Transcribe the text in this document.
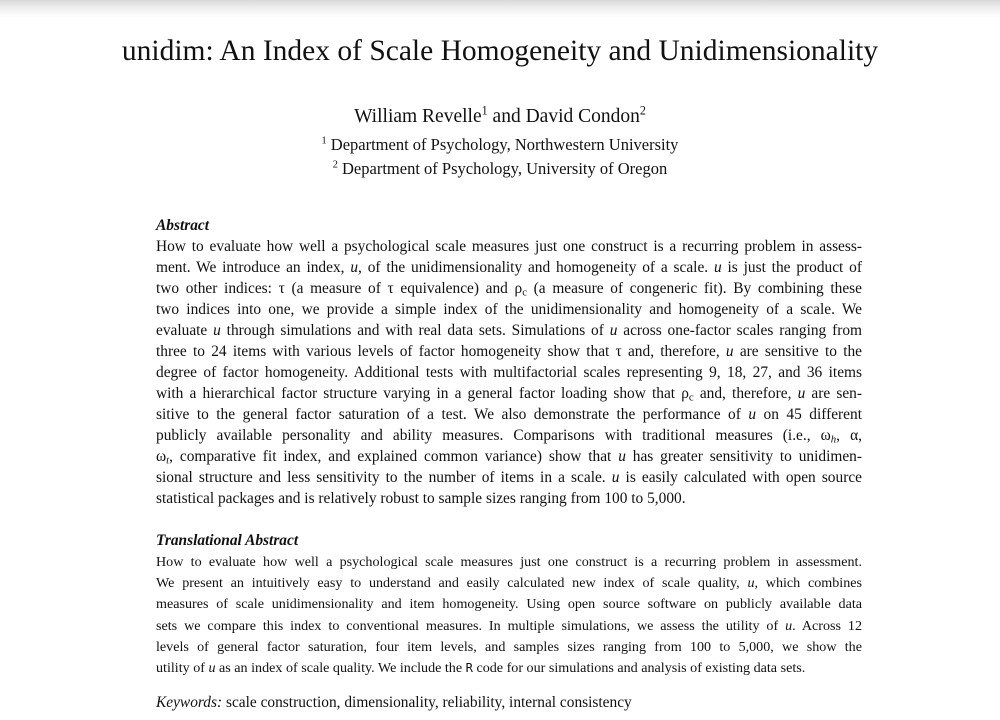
unidim: An Index of Scale Homogeneity and Unidimensionality
William Revelle$^1$ and David Condon$^2$
$^1$ Department of Psychology, Northwestern University
$^2$ Department of Psychology, University of Oregon
Abstract
How to evaluate how well a psychological scale measures just one construct is a recurring problem in assess-
ment. We introduce an index, u, of the unidimensionality and homogeneity of a scale. u is just the product of
two other indices: τ (a measure of τ equivalence) and $\rho_c$ (a measure of congeneric fit). By combining these
two indices into one, we provide a simple index of the unidimensionality and homogeneity of a scale. We
evaluate u through simulations and with real data sets. Simulations of u across one-factor scales ranging from
three to 24 items with various levels of factor homogeneity show that τ and, therefore, u are sensitive to the
degree of factor homogeneity. Additional tests with multifactorial scales representing 9, 18, 27, and 36 items
with a hierarchical factor structure varying in a general factor loading show that $\rho_c$ and, therefore, u are sen-
sitive to the general factor saturation of a test. We also demonstrate the performance of u on 45 different
publicly available personality and ability measures. Comparisons with traditional measures (i.e., $\omega_h$, α,
$\omega_t$, comparative fit index, and explained common variance) show that u has greater sensitivity to unidimen-
sional structure and less sensitivity to the number of items in a scale. u is easily calculated with open source
statistical packages and is relatively robust to sample sizes ranging from 100 to 5,000.
Translational Abstract
How to evaluate how well a psychological scale measures just one construct is a recurring problem in assessment.
We present an intuitively easy to understand and easily calculated new index of scale quality, u, which combines
measures of scale unidimensionality and item homogeneity. Using open source software on publicly available data
sets we compare this index to conventional measures. In multiple simulations, we assess the utility of u. Across 12
levels of general factor saturation, four item levels, and samples sizes ranging from 100 to 5,000, we show the
utility of u as an index of scale quality. We include the R code for our simulations and analysis of existing data sets.
Keywords: scale construction, dimensionality, reliability, internal consistency
